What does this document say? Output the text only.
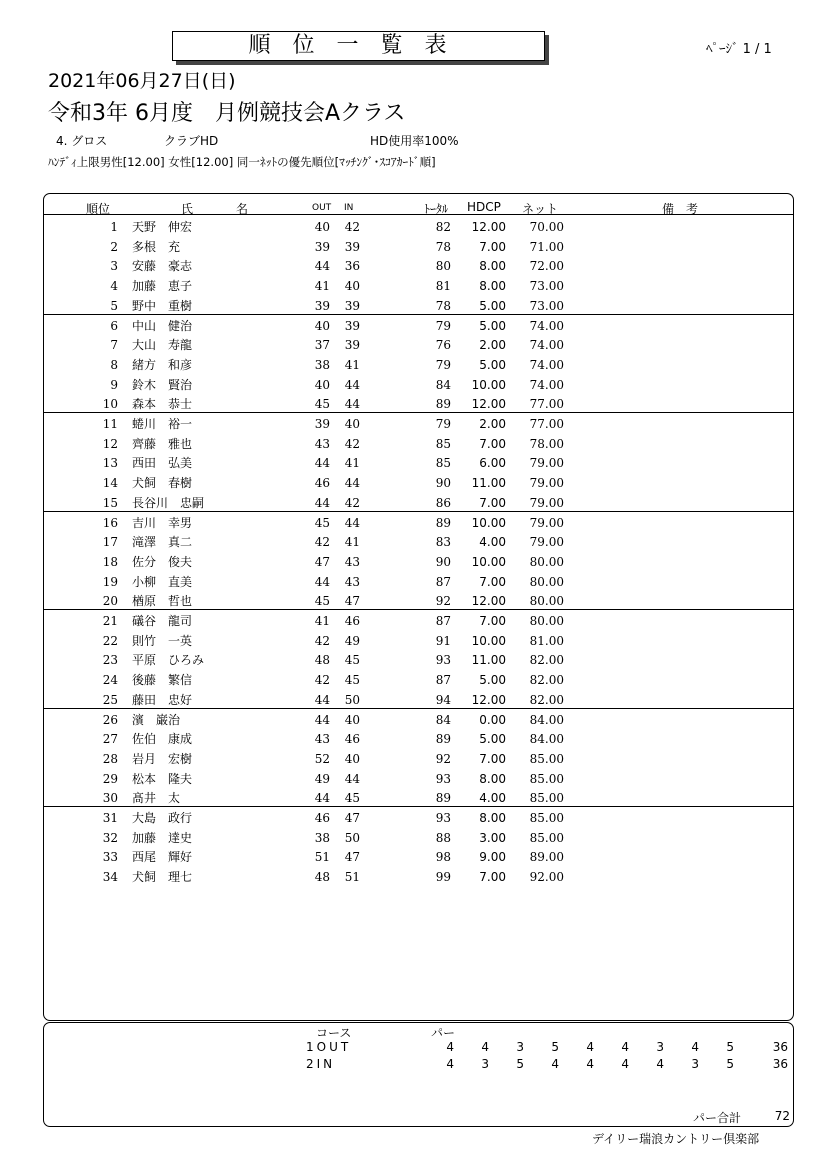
順位一覧表	ﾍﾟｰｼﾞ 1 / 1
2021年06月27日(日)
令和3年 6月度　月例競技会Aクラス
4. グロス	クラブHD	HD使用率100%
ﾊﾝﾃﾞｨ上限男性[12.00] 女性[12.00] 同一ﾈｯﾄの優先順位[ﾏｯﾁﾝｸﾞ･ｽｺｱｶｰﾄﾞ順]
順位	氏	名	OUT IN	ﾄｰﾀﾙ HDCP ネット	備　考
1 天野　伸宏	40	42	82	12.00	70.00
2 多根　充	39	39	78	7.00	71.00
3 安藤　豪志	44	36	80	8.00	72.00
4 加藤　恵子	41	40	81	8.00	73.00
5 野中　重樹	39	39	78	5.00	73.00
6 中山　健治	40	39	79	5.00	74.00
7 大山　寿龍	37	39	76	2.00	74.00
8 緒方　和彦	38	41	79	5.00	74.00
9 鈴木　賢治	40	44	84	10.00	74.00
10 森本　恭士	45	44	89	12.00	77.00
11 蜷川　裕一	39	40	79	2.00	77.00
12 齊藤　雅也	43	42	85	7.00	78.00
13 西田　弘美	44	41	85	6.00	79.00
14 犬飼　春樹	46	44	90	11.00	79.00
15 長谷川　忠嗣	44	42	86	7.00	79.00
16 吉川　幸男	45	44	89	10.00	79.00
17 滝澤　真二	42	41	83	4.00	79.00
18 佐分　俊夫	47	43	90	10.00	80.00
19 小柳　直美	44	43	87	7.00	80.00
20 楢原　哲也	45	47	92	12.00	80.00
21 礒谷　龍司	41	46	87	7.00	80.00
22 則竹　一英	42	49	91	10.00	81.00
23 平原　ひろみ	48	45	93	11.00	82.00
24 後藤　繁信	42	45	87	5.00	82.00
25 藤田　忠好	44	50	94	12.00	82.00
26 濱　巌治	44	40	84	0.00	84.00
27 佐伯　康成	43	46	89	5.00	84.00
28 岩月　宏樹	52	40	92	7.00	85.00
29 松本　隆夫	49	44	93	8.00	85.00
30 髙井　太	44	45	89	4.00	85.00
31 大島　政行	46	47	93	8.00	85.00
32 加藤　達史	38	50	88	3.00	85.00
33 西尾　輝好	51	47	98	9.00	89.00
34 犬飼　理七	48	51	99	7.00	92.00
コース	パー
1OUT	4 4 3 5 4 4 3 4 5	36
2IN	4 3 5 4 4 4 4 3 5	36
パー合計	72
デイリー瑞浪カントリー倶楽部
